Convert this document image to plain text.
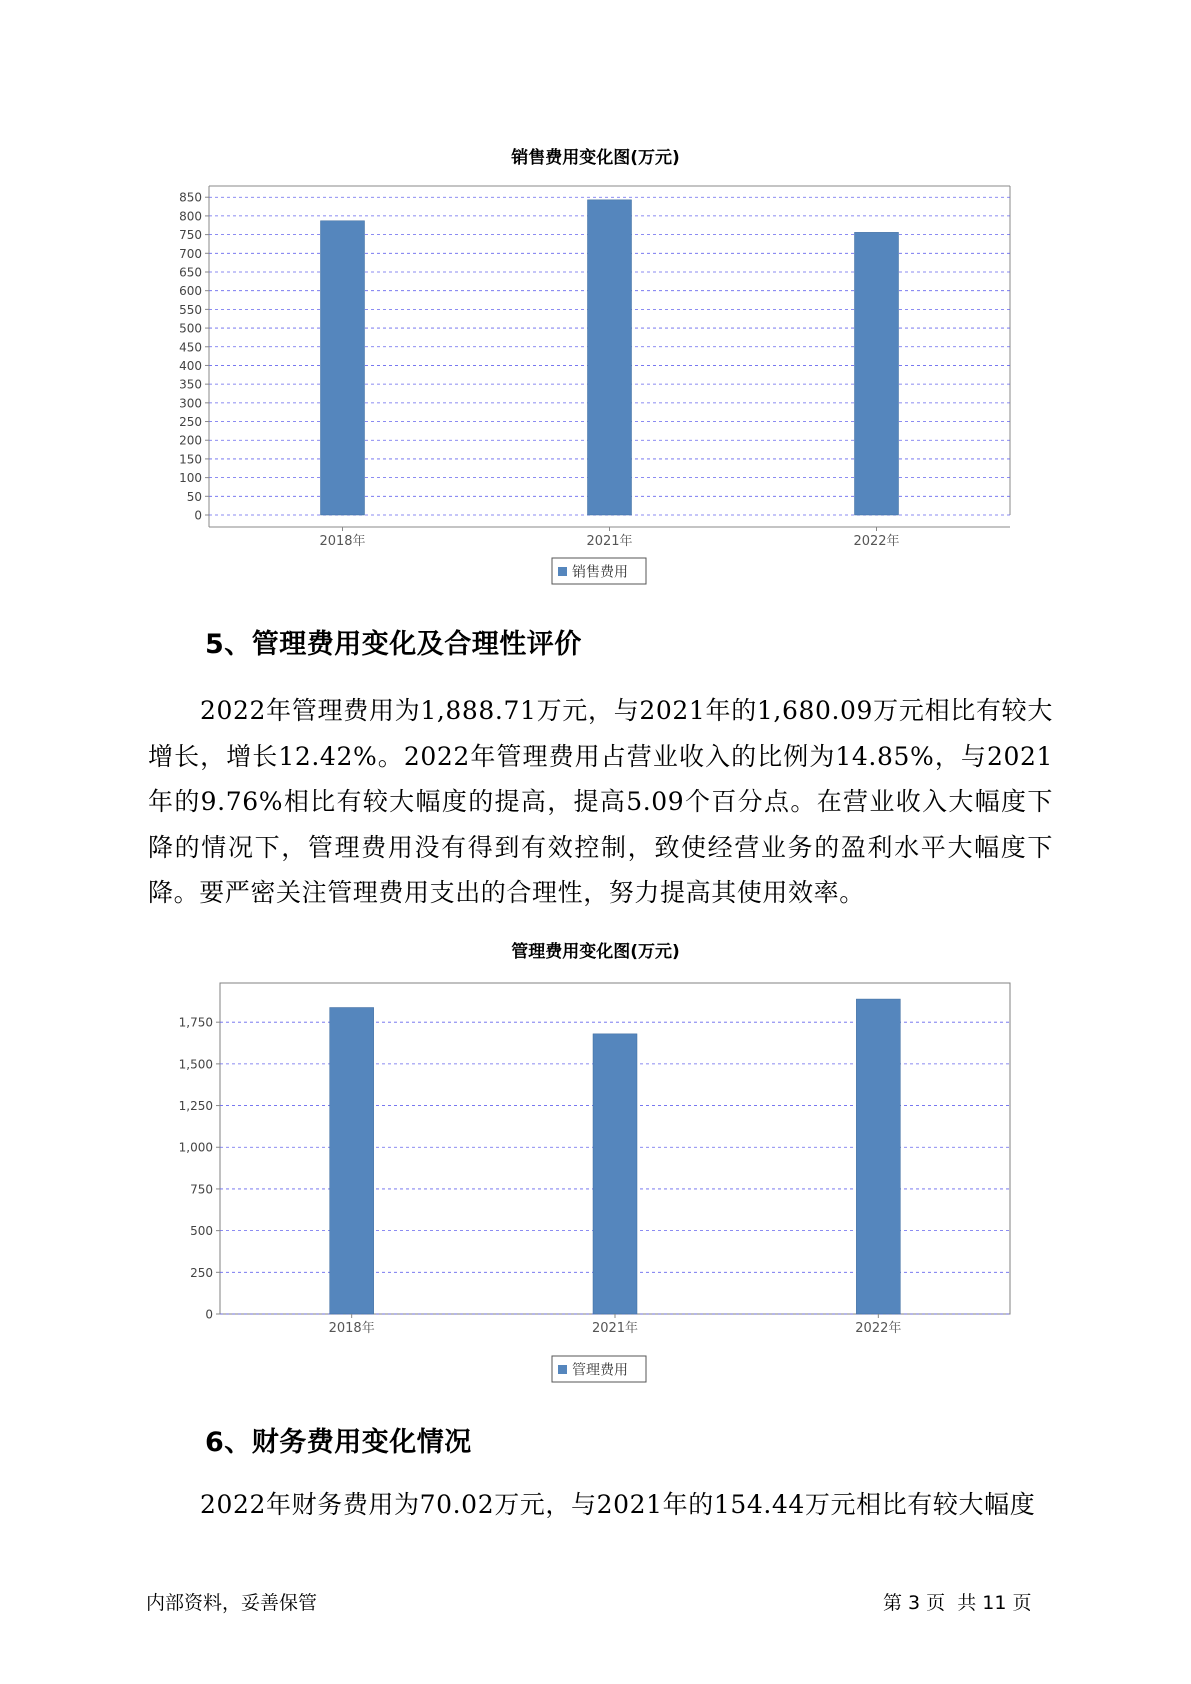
销售费用变化图(万元)
0
50
100
150
200
250
300
350
400
450
500
550
600
650
700
750
800
850
2018年	2021年	2022年
销售费用
5、管理费用变化及合理性评价

2022年管理费用为1,888.71万元，与2021年的1,680.09万元相比有较大增长，增长12.42%。2022年管理费用占营业收入的比例为14.85%，与2021年的9.76%相比有较大幅度的提高，提高5.09个百分点。在营业收入大幅度下降的情况下，管理费用没有得到有效控制，致使经营业务的盈利水平大幅度下降。要严密关注管理费用支出的合理性，努力提高其使用效率。

管理费用变化图(万元)
0
250
500
750
1,000
1,250
1,500
1,750
2018年	2021年	2022年
管理费用
6、财务费用变化情况

2022年财务费用为70.02万元，与2021年的154.44万元相比有较大幅度

内部资料，妥善保管	第 3 页  共 11 页
